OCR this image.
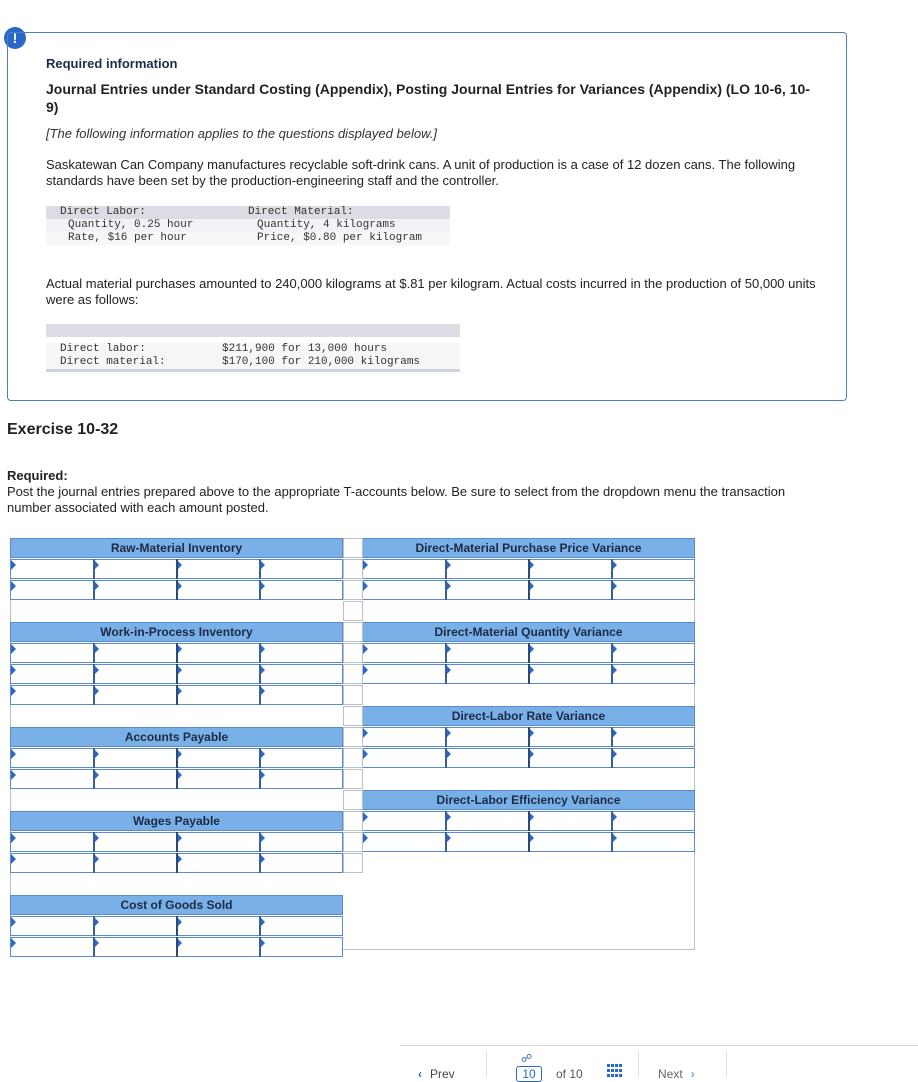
!
Required information
Journal Entries under Standard Costing (Appendix), Posting Journal Entries for Variances (Appendix) (LO 10-6, 10-9)
[The following information applies to the questions displayed below.]
Saskatewan Can Company manufactures recyclable soft-drink cans. A unit of production is a case of 12 dozen cans. The following standards have been set by the production-engineering staff and the controller.
Direct Labor:	Direct Material:
Quantity, 0.25 hour	Quantity, 4 kilograms
Rate, $16 per hour	Price, $0.80 per kilogram
Actual material purchases amounted to 240,000 kilograms at $.81 per kilogram. Actual costs incurred in the production of 50,000 units were as follows:
Direct labor:	$211,900 for 13,000 hours
Direct material:	$170,100 for 210,000 kilograms
Exercise 10-32
Required:
Post the journal entries prepared above to the appropriate T-accounts below. Be sure to select from the dropdown menu the transaction number associated with each amount posted.
Raw-Material Inventory
Work-in-Process Inventory
Accounts Payable
Wages Payable
Cost of Goods Sold
Direct-Material Purchase Price Variance
Direct-Material Quantity Variance
Direct-Labor Rate Variance
Direct-Labor Efficiency Variance
‹ Prev
☍
10	of 10	Next ›
